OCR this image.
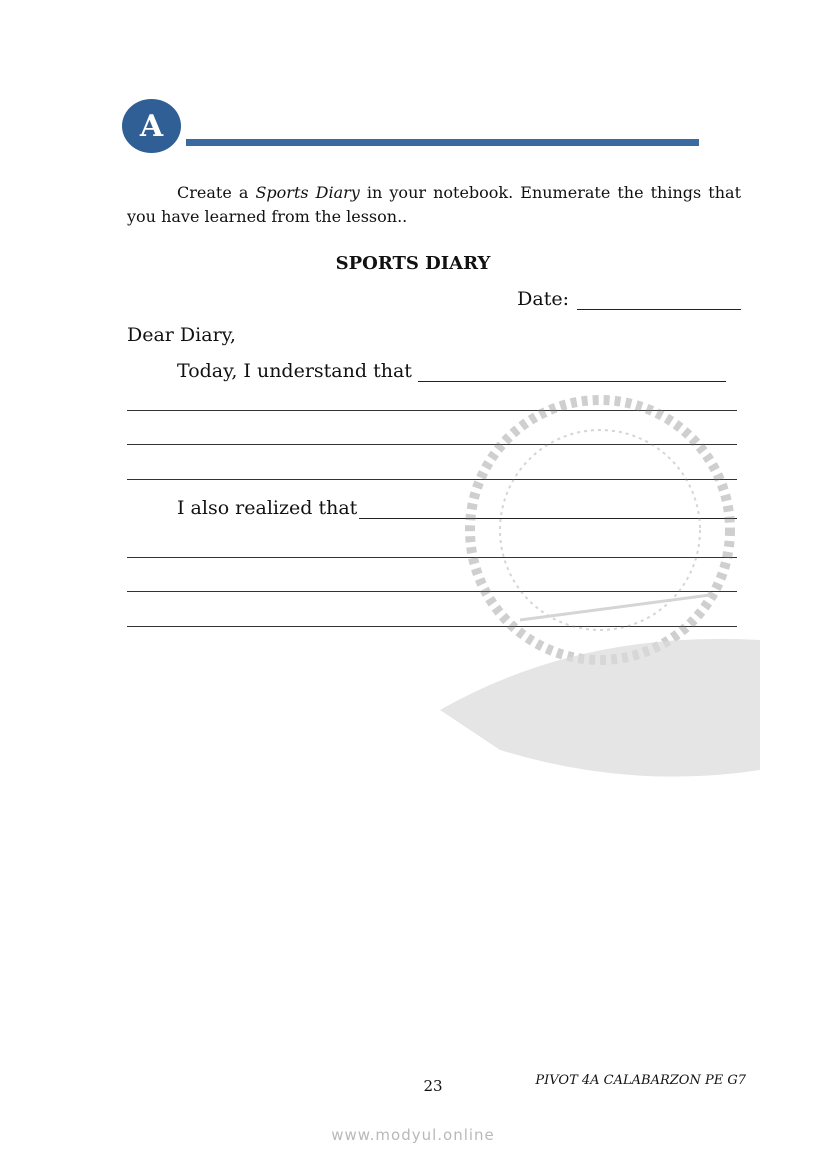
A
Create a Sports Diary in your notebook. Enumerate the things that you have learned from the lesson..
SPORTS DIARY
Date:
Dear Diary,
Today, I understand that
I also realized that
23	PIVOT 4A CALABARZON PE G7
www.modyul.online
